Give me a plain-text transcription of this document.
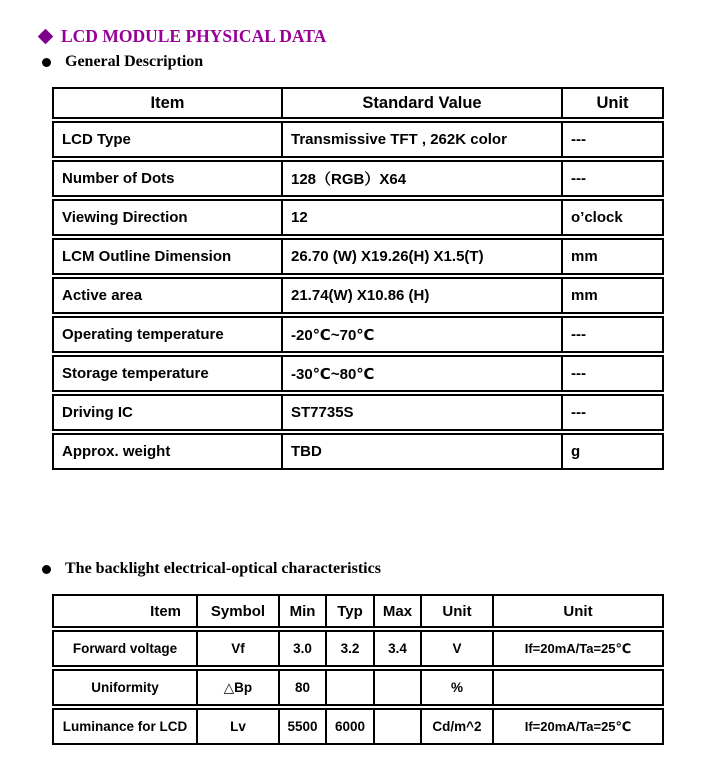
LCD MODULE PHYSICAL DATA
General Description
Item	Standard Value	Unit
LCD Type	Transmissive TFT , 262K color	---
Number of Dots	128（RGB）X64	---
Viewing Direction	12	o’clock
LCM Outline Dimension	26.70 (W) X19.26(H) X1.5(T)	mm
Active area	21.74(W) X10.86 (H)	mm
Operating temperature	-20℃~70℃	---
Storage temperature	-30℃~80℃	---
Driving IC	ST7735S	---
Approx. weight	TBD	g
The backlight electrical-optical characteristics
Item	Symbol	Min	Typ	Max	Unit	Unit
Forward voltage	Vf	3.0	3.2	3.4	V	If=20mA/Ta=25℃
Uniformity	△Bp	80			%	
Luminance for LCD	Lv	5500	6000		Cd/m^2	If=20mA/Ta=25℃
